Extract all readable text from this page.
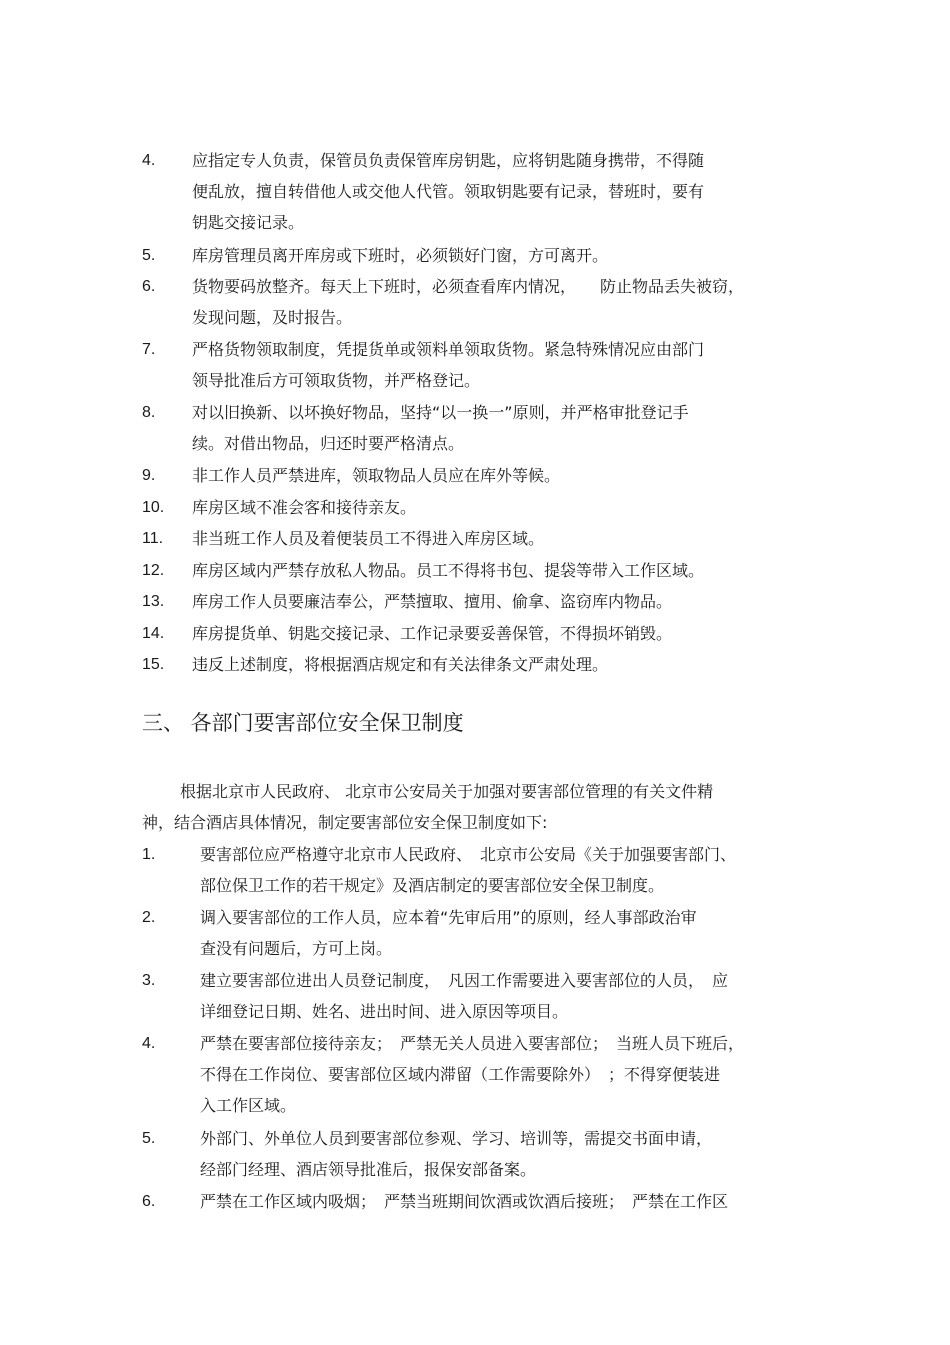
4. 应指定专人负责，保管员负责保管库房钥匙，应将钥匙随身携带，不得随
便乱放，擅自转借他人或交他人代管。领取钥匙要有记录，替班时，要有
钥匙交接记录。
5. 库房管理员离开库房或下班时，必须锁好门窗，方可离开。
6. 货物要码放整齐。每天上下班时，必须查看库内情况，　　防止物品丢失被窃，
发现问题，及时报告。
7. 严格货物领取制度，凭提货单或领料单领取货物。紧急特殊情况应由部门
领导批准后方可领取货物，并严格登记。
8. 对以旧换新、以坏换好物品，坚持“以一换一”原则，并严格审批登记手
续。对借出物品，归还时要严格清点。
9. 非工作人员严禁进库，领取物品人员应在库外等候。
10. 库房区域不准会客和接待亲友。
11. 非当班工作人员及着便装员工不得进入库房区域。
12. 库房区域内严禁存放私人物品。员工不得将书包、提袋等带入工作区域。
13. 库房工作人员要廉洁奉公，严禁擅取、擅用、偷拿、盗窃库内物品。
14. 库房提货单、钥匙交接记录、工作记录要妥善保管，不得损坏销毁。
15. 违反上述制度，将根据酒店规定和有关法律条文严肃处理。
三、 各部门要害部位安全保卫制度
根据北京市人民政府、 北京市公安局关于加强对要害部位管理的有关文件精
神，结合酒店具体情况，制定要害部位安全保卫制度如下:
1.	要害部位应严格遵守北京市人民政府、　北京市公安局《关于加强要害部门、
部位保卫工作的若干规定》及酒店制定的要害部位安全保卫制度。
2.	调入要害部位的工作人员，应本着“先审后用”的原则，经人事部政治审
查没有问题后，方可上岗。
3.	建立要害部位进出人员登记制度，　凡因工作需要进入要害部位的人员，　应
详细登记日期、姓名、进出时间、进入原因等项目。
4.	严禁在要害部位接待亲友；　严禁无关人员进入要害部位；　当班人员下班后，
不得在工作岗位、要害部位区域内滞留（工作需要除外）　；不得穿便装进
入工作区域。
5.	外部门、外单位人员到要害部位参观、学习、培训等，需提交书面申请，
经部门经理、酒店领导批准后，报保安部备案。
6.	严禁在工作区域内吸烟；　严禁当班期间饮酒或饮酒后接班；　严禁在工作区
